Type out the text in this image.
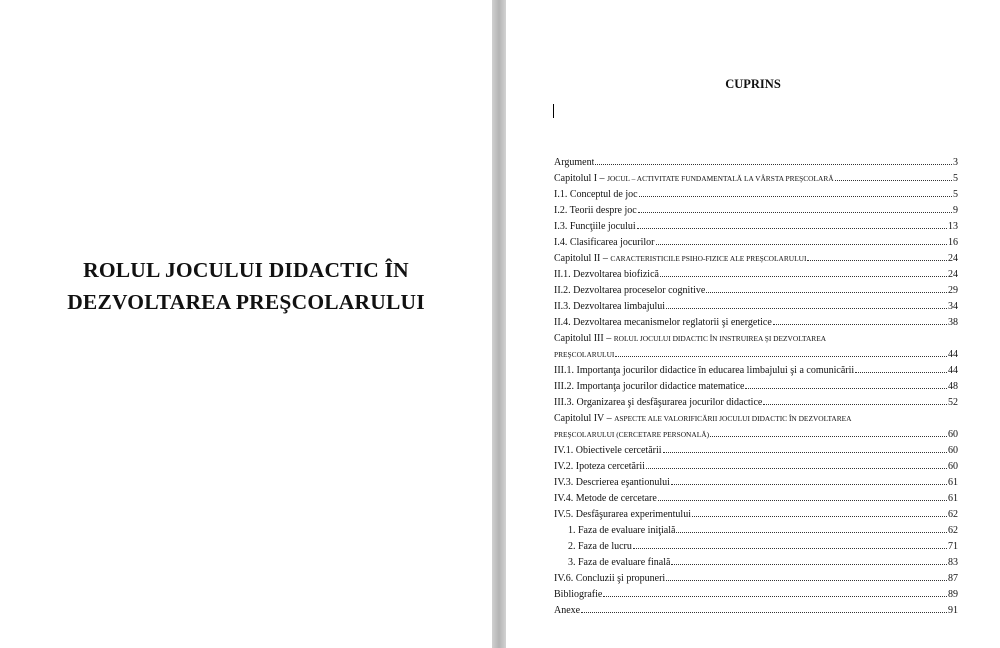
ROLUL JOCULUI DIDACTIC ÎN
DEZVOLTAREA PREŞCOLARULUI
CUPRINS
Argument	3
Capitolul I – JOCUL – ACTIVITATE FUNDAMENTALĂ LA VÂRSTA PREŞCOLARĂ	5
I.1. Conceptul de joc	5
I.2. Teorii despre joc	9
I.3. Funcţiile jocului	13
I.4. Clasificarea jocurilor	16
Capitolul II – CARACTERISTICILE PSIHO-FIZICE ALE PREŞCOLARULUI	24
II.1. Dezvoltarea biofizică	24
II.2. Dezvoltarea proceselor cognitive	29
II.3. Dezvoltarea limbajului	34
II.4. Dezvoltarea mecanismelor reglatorii şi energetice	38
Capitolul III – ROLUL JOCULUI DIDACTIC ÎN INSTRUIREA ŞI DEZVOLTAREA
PREŞCOLARULUI	44
III.1. Importanţa jocurilor didactice în educarea limbajului şi a comunicării	44
III.2. Importanţa jocurilor didactice matematice	48
III.3. Organizarea şi desfăşurarea jocurilor didactice	52
Capitolul IV – ASPECTE ALE VALORIFICĂRII JOCULUI DIDACTIC ÎN DEZVOLTAREA
PREŞCOLARULUI (CERCETARE PERSONALĂ)	60
IV.1. Obiectivele cercetării	60
IV.2. Ipoteza cercetării	60
IV.3. Descrierea eşantionului	61
IV.4. Metode de cercetare	61
IV.5. Desfăşurarea experimentului	62
1. Faza de evaluare iniţială	62
2. Faza de lucru	71
3. Faza de evaluare finală	83
IV.6. Concluzii şi propuneri	87
Bibliografie	89
Anexe	91
